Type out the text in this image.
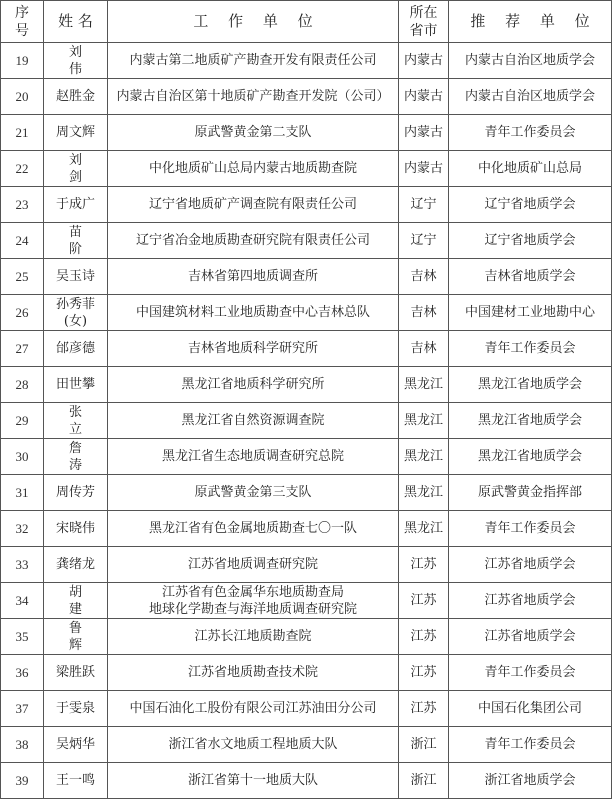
序号	姓 名	工 作 单 位	所在省市	推 荐 单 位
19	刘伟	内蒙古第二地质矿产勘查开发有限责任公司	内蒙古	内蒙古自治区地质学会
20	赵胜金	内蒙古自治区第十地质矿产勘查开发院（公司）	内蒙古	内蒙古自治区地质学会
21	周文辉	原武警黄金第二支队	内蒙古	青年工作委员会
22	刘剑	中化地质矿山总局内蒙古地质勘查院	内蒙古	中化地质矿山总局
23	于成广	辽宁省地质矿产调查院有限责任公司	辽宁	辽宁省地质学会
24	苗阶	辽宁省冶金地质勘查研究院有限责任公司	辽宁	辽宁省地质学会
25	吴玉诗	吉林省第四地质调查所	吉林	吉林省地质学会
26	孙秀菲(女)	中国建筑材料工业地质勘查中心吉林总队	吉林	中国建材工业地勘中心
27	邰彦德	吉林省地质科学研究所	吉林	青年工作委员会
28	田世攀	黑龙江省地质科学研究所	黑龙江	黑龙江省地质学会
29	张立	黑龙江省自然资源调查院	黑龙江	黑龙江省地质学会
30	詹涛	黑龙江省生态地质调查研究总院	黑龙江	黑龙江省地质学会
31	周传芳	原武警黄金第三支队	黑龙江	原武警黄金指挥部
32	宋晓伟	黑龙江省有色金属地质勘查七〇一队	黑龙江	青年工作委员会
33	龚绪龙	江苏省地质调查研究院	江苏	江苏省地质学会
34	胡建	江苏省有色金属华东地质勘查局
地球化学勘查与海洋地质调查研究院	江苏	江苏省地质学会
35	鲁辉	江苏长江地质勘查院	江苏	江苏省地质学会
36	梁胜跃	江苏省地质勘查技术院	江苏	青年工作委员会
37	于雯泉	中国石油化工股份有限公司江苏油田分公司	江苏	中国石化集团公司
38	吴炳华	浙江省水文地质工程地质大队	浙江	青年工作委员会
39	王一鸣	浙江省第十一地质大队	浙江	浙江省地质学会
